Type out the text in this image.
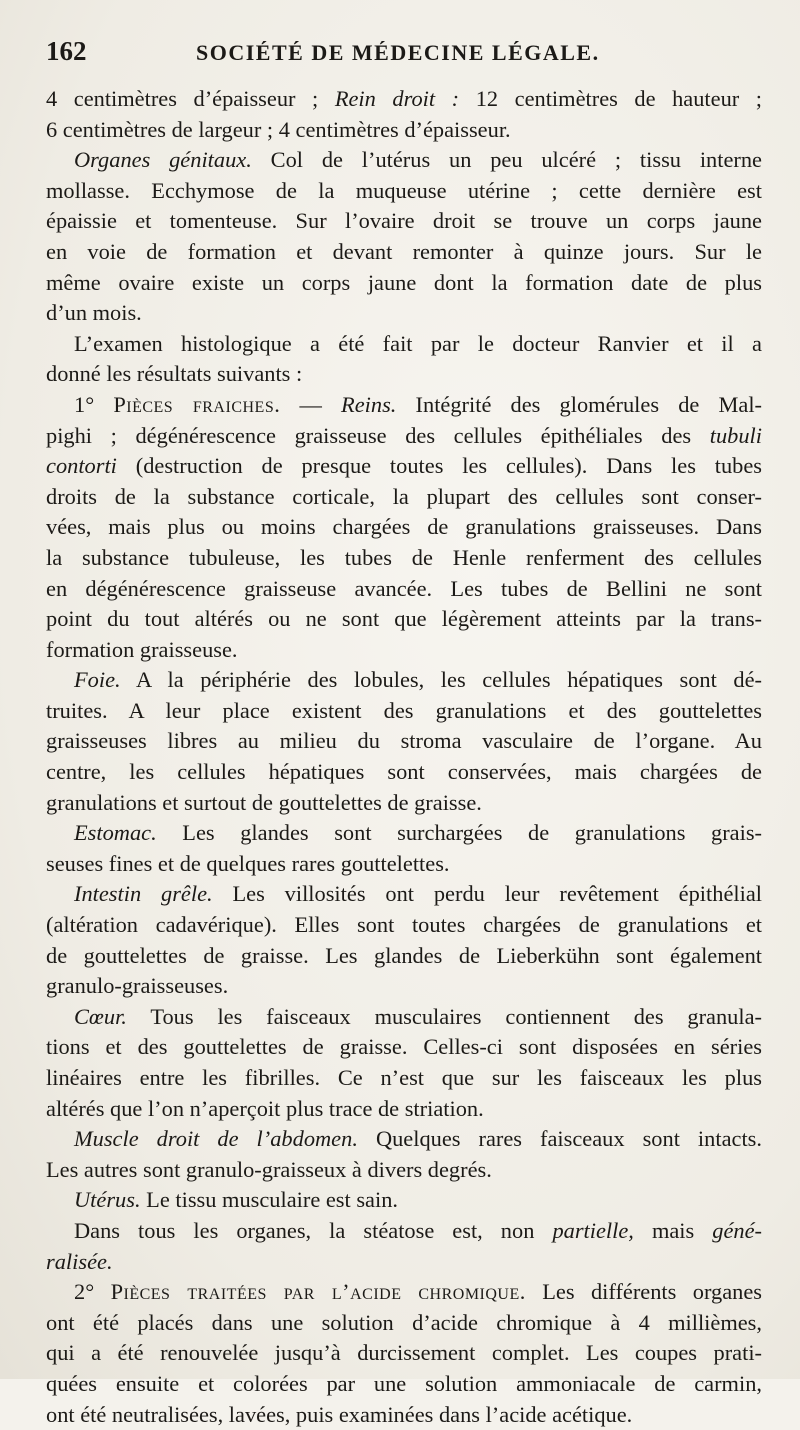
162	SOCIÉTÉ DE MÉDECINE LÉGALE.
4 centimètres d’épaisseur ; Rein droit : 12 centimètres de hauteur ;
6 centimètres de largeur ; 4 centimètres d’épaisseur.
Organes génitaux. Col de l’utérus un peu ulcéré ; tissu interne
mollasse. Ecchymose de la muqueuse utérine ; cette dernière est
épaissie et tomenteuse. Sur l’ovaire droit se trouve un corps jaune
en voie de formation et devant remonter à quinze jours. Sur le
même ovaire existe un corps jaune dont la formation date de plus
d’un mois.
L’examen histologique a été fait par le docteur Ranvier et il a
donné les résultats suivants :
1° Pièces fraiches. — Reins. Intégrité des glomérules de Mal-
pighi ; dégénérescence graisseuse des cellules épithéliales des tubuli
contorti (destruction de presque toutes les cellules). Dans les tubes
droits de la substance corticale, la plupart des cellules sont conser-
vées, mais plus ou moins chargées de granulations graisseuses. Dans
la substance tubuleuse, les tubes de Henle renferment des cellules
en dégénérescence graisseuse avancée. Les tubes de Bellini ne sont
point du tout altérés ou ne sont que légèrement atteints par la trans-
formation graisseuse.
Foie. A la périphérie des lobules, les cellules hépatiques sont dé-
truites. A leur place existent des granulations et des gouttelettes
graisseuses libres au milieu du stroma vasculaire de l’organe. Au
centre, les cellules hépatiques sont conservées, mais chargées de
granulations et surtout de gouttelettes de graisse.
Estomac. Les glandes sont surchargées de granulations grais-
seuses fines et de quelques rares gouttelettes.
Intestin grêle. Les villosités ont perdu leur revêtement épithélial
(altération cadavérique). Elles sont toutes chargées de granulations et
de gouttelettes de graisse. Les glandes de Lieberkühn sont également
granulo-graisseuses.
Cœur. Tous les faisceaux musculaires contiennent des granula-
tions et des gouttelettes de graisse. Celles-ci sont disposées en séries
linéaires entre les fibrilles. Ce n’est que sur les faisceaux les plus
altérés que l’on n’aperçoit plus trace de striation.
Muscle droit de l’abdomen. Quelques rares faisceaux sont intacts.
Les autres sont granulo-graisseux à divers degrés.
Utérus. Le tissu musculaire est sain.
Dans tous les organes, la stéatose est, non partielle, mais géné-
ralisée.
2° Pièces traitées par l’acide chromique. Les différents organes
ont été placés dans une solution d’acide chromique à 4 millièmes,
qui a été renouvelée jusqu’à durcissement complet. Les coupes prati-
quées ensuite et colorées par une solution ammoniacale de carmin,
ont été neutralisées, lavées, puis examinées dans l’acide acétique.
